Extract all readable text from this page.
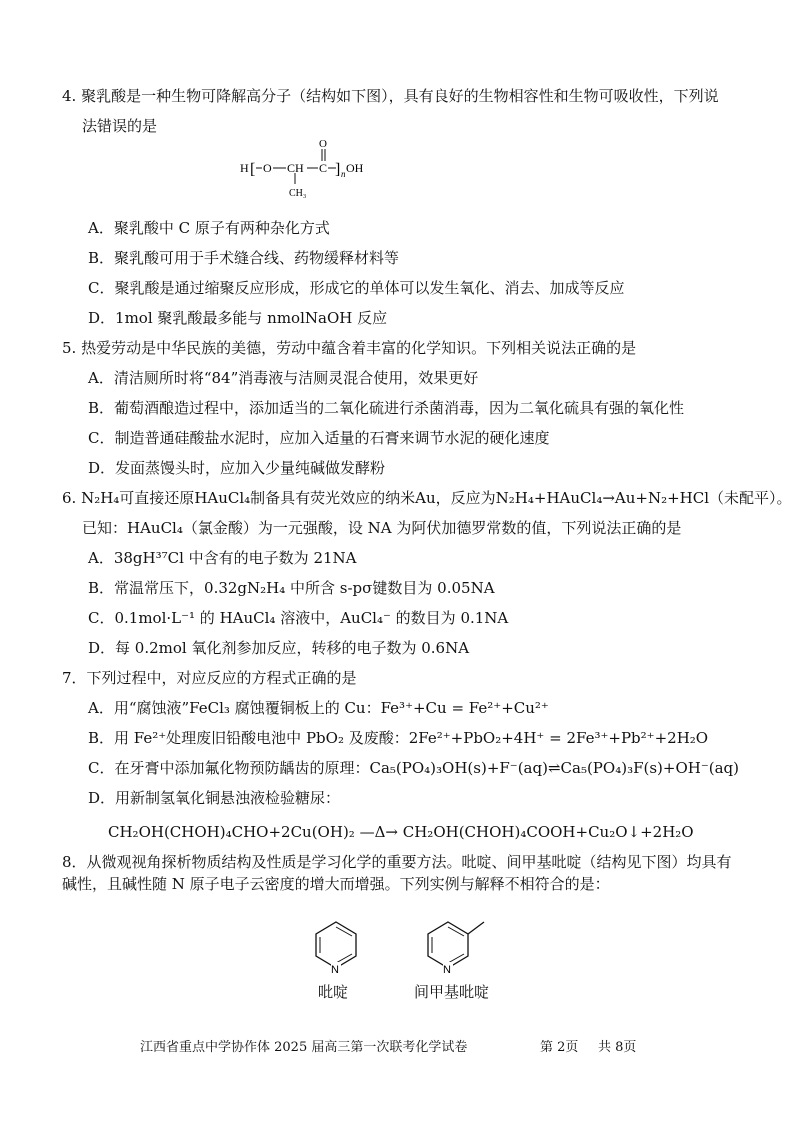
4. 聚乳酸是一种生物可降解高分子（结构如下图），具有良好的生物相容性和生物可吸收性，下列说
法错误的是
H [ O CH C
O
] n OH
CH₃
A．聚乳酸中 C 原子有两种杂化方式
B．聚乳酸可用于手术缝合线、药物缓释材料等
C．聚乳酸是通过缩聚反应形成，形成它的单体可以发生氧化、消去、加成等反应
D．1mol 聚乳酸最多能与 nmolNaOH 反应
5. 热爱劳动是中华民族的美德，劳动中蕴含着丰富的化学知识。下列相关说法正确的是
A．清洁厕所时将“84”消毒液与洁厕灵混合使用，效果更好
B．葡萄酒酿造过程中，添加适当的二氧化硫进行杀菌消毒，因为二氧化硫具有强的氧化性
C．制造普通硅酸盐水泥时，应加入适量的石膏来调节水泥的硬化速度
D．发面蒸馒头时，应加入少量纯碱做发酵粉
6. N₂H₄可直接还原HAuCl₄制备具有荧光效应的纳米Au，反应为N₂H₄+HAuCl₄→Au+N₂+HCl（未配平）。
已知：HAuCl₄（氯金酸）为一元强酸，设 NA 为阿伏加德罗常数的值，下列说法正确的是
A．38gH³⁷Cl 中含有的电子数为 21NA
B．常温常压下，0.32gN₂H₄ 中所含 s-pσ键数目为 0.05NA
C．0.1mol·L⁻¹ 的 HAuCl₄ 溶液中，AuCl₄⁻ 的数目为 0.1NA
D．每 0.2mol 氧化剂参加反应，转移的电子数为 0.6NA
7．下列过程中，对应反应的方程式正确的是
A．用“腐蚀液”FeCl₃ 腐蚀覆铜板上的 Cu：Fe³⁺+Cu = Fe²⁺+Cu²⁺
B．用 Fe²⁺处理废旧铅酸电池中 PbO₂ 及废酸：2Fe²⁺+PbO₂+4H⁺ = 2Fe³⁺+Pb²⁺+2H₂O
C．在牙膏中添加氟化物预防龋齿的原理：Ca₅(PO₄)₃OH(s)+F⁻(aq)⇌Ca₅(PO₄)₃F(s)+OH⁻(aq)
D．用新制氢氧化铜悬浊液检验糖尿：
CH₂OH(CHOH)₄CHO+2Cu(OH)₂ —Δ→ CH₂OH(CHOH)₄COOH+Cu₂O↓+2H₂O
8．从微观视角探析物质结构及性质是学习化学的重要方法。吡啶、间甲基吡啶（结构见下图）均具有
碱性，且碱性随 N 原子电子云密度的增大而增强。下列实例与解释不相符合的是：
N
吡啶
N
间甲基吡啶
江西省重点中学协作体 2025 届高三第一次联考化学试卷	第 2页 共 8页
